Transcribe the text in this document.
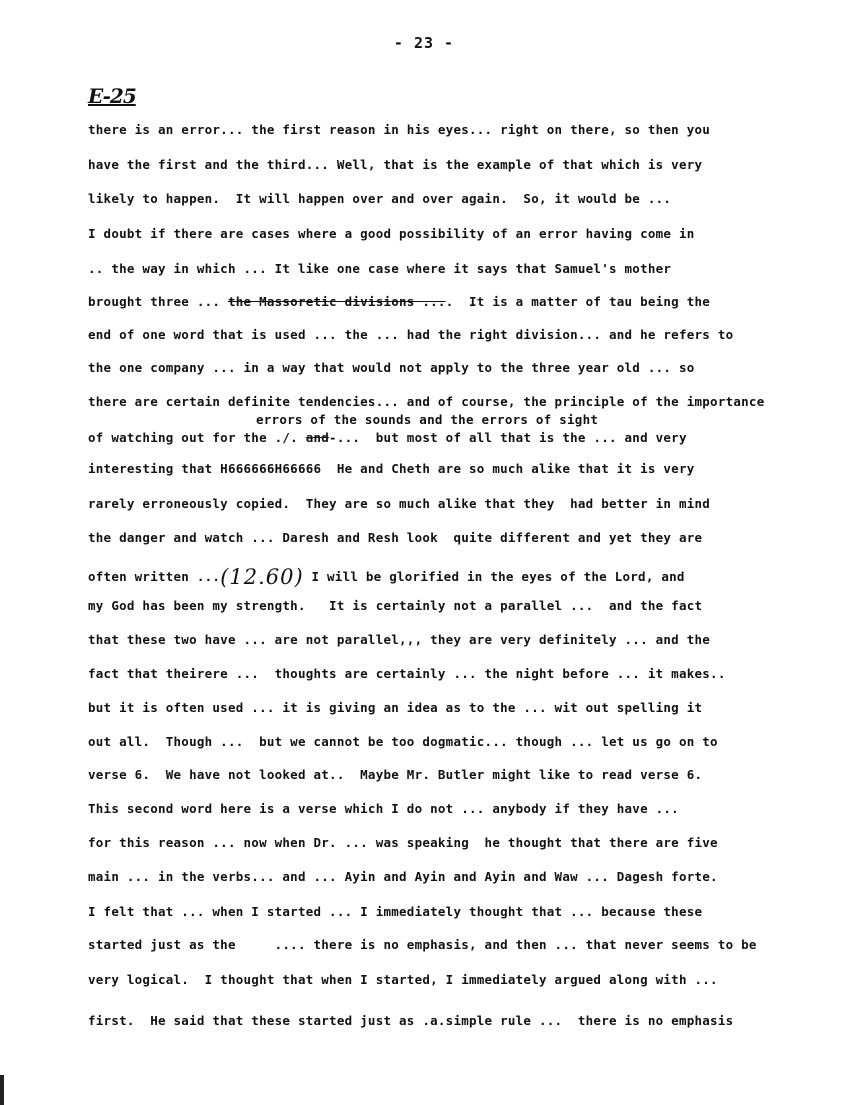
- 23 -
E-25
there is an error... the first reason in his eyes... right on there, so then you
have the first and the third... Well, that is the example of that which is very
likely to happen.  It will happen over and over again.  So, it would be ...
I doubt if there are cases where a good possibility of an error having come in
.. the way in which ... It like one case where it says that Samuel's mother
brought three ... the Massoretic divisions ....  It is a matter of tau being the
end of one word that is used ... the ... had the right division... and he refers to
the one company ... in a way that would not apply to the three year old ... so
there are certain definite tendencies... and of course, the principle of the importance
errors of the sounds and the errors of sight
of watching out for the ./. and-...  but most of all that is the ... and very
interesting that H666666H66666  He and Cheth are so much alike that it is very
rarely erroneously copied.  They are so much alike that they  had better in mind
the danger and watch ... Daresh and Resh look  quite different and yet they are
often written ...(12.60) I will be glorified in the eyes of the Lord, and
my God has been my strength.   It is certainly not a parallel ...  and the fact
that these two have ... are not parallel,,, they are very definitely ... and the
fact that theirere ...  thoughts are certainly ... the night before ... it makes..
but it is often used ... it is giving an idea as to the ... wit out spelling it
out all.  Though ...  but we cannot be too dogmatic... though ... let us go on to
verse 6.  We have not looked at..  Maybe Mr. Butler might like to read verse 6.
This second word here is a verse which I do not ... anybody if they have ...
for this reason ... now when Dr. ... was speaking  he thought that there are five
main ... in the verbs... and ... Ayin and Ayin and Ayin and Waw ... Dagesh forte.
I felt that ... when I started ... I immediately thought that ... because these
started just as the     .... there is no emphasis, and then ... that never seems to be
very logical.  I thought that when I started, I immediately argued along with ...
first.  He said that these started just as .a.simple rule ...  there is no emphasis
